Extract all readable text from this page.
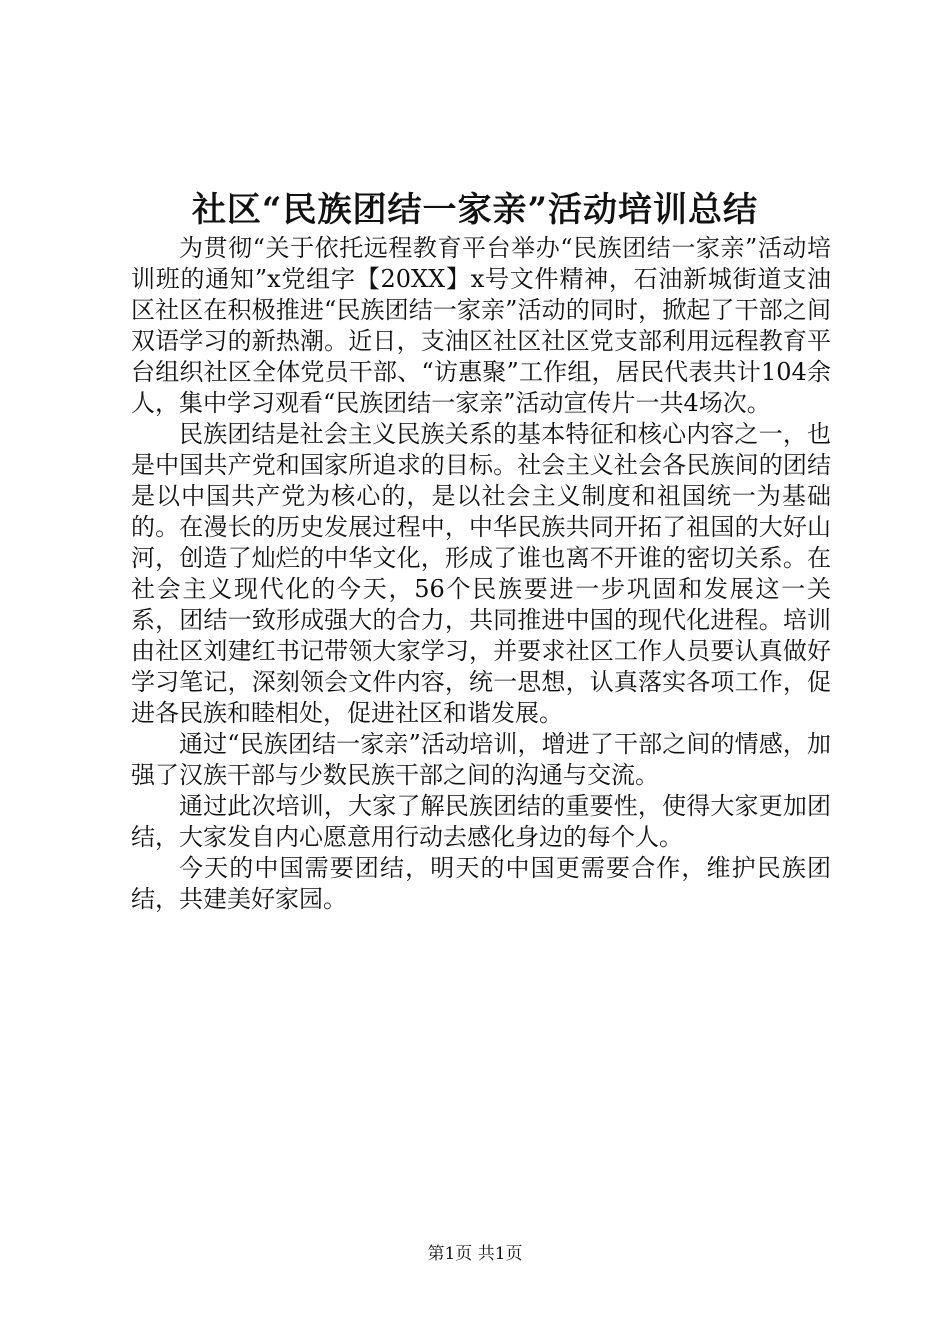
社区“民族团结一家亲”活动培训总结

为贯彻“关于依托远程教育平台举办“民族团结一家亲”活动培训班的通知”x党组字【20XX】x号文件精神，石油新城街道支油区社区在积极推进“民族团结一家亲”活动的同时，掀起了干部之间双语学习的新热潮。近日，支油区社区社区党支部利用远程教育平台组织社区全体党员干部、“访惠聚”工作组，居民代表共计104余人，集中学习观看“民族团结一家亲”活动宣传片一共4场次。

民族团结是社会主义民族关系的基本特征和核心内容之一，也是中国共产党和国家所追求的目标。社会主义社会各民族间的团结是以中国共产党为核心的，是以社会主义制度和祖国统一为基础的。在漫长的历史发展过程中，中华民族共同开拓了祖国的大好山河，创造了灿烂的中华文化，形成了谁也离不开谁的密切关系。在社会主义现代化的今天，56个民族要进一步巩固和发展这一关系，团结一致形成强大的合力，共同推进中国的现代化进程。培训由社区刘建红书记带领大家学习，并要求社区工作人员要认真做好学习笔记，深刻领会文件内容，统一思想，认真落实各项工作，促进各民族和睦相处，促进社区和谐发展。

通过“民族团结一家亲”活动培训，增进了干部之间的情感，加强了汉族干部与少数民族干部之间的沟通与交流。

通过此次培训，大家了解民族团结的重要性，使得大家更加团结，大家发自内心愿意用行动去感化身边的每个人。

今天的中国需要团结，明天的中国更需要合作，维护民族团结，共建美好家园。

第1页 共1页
